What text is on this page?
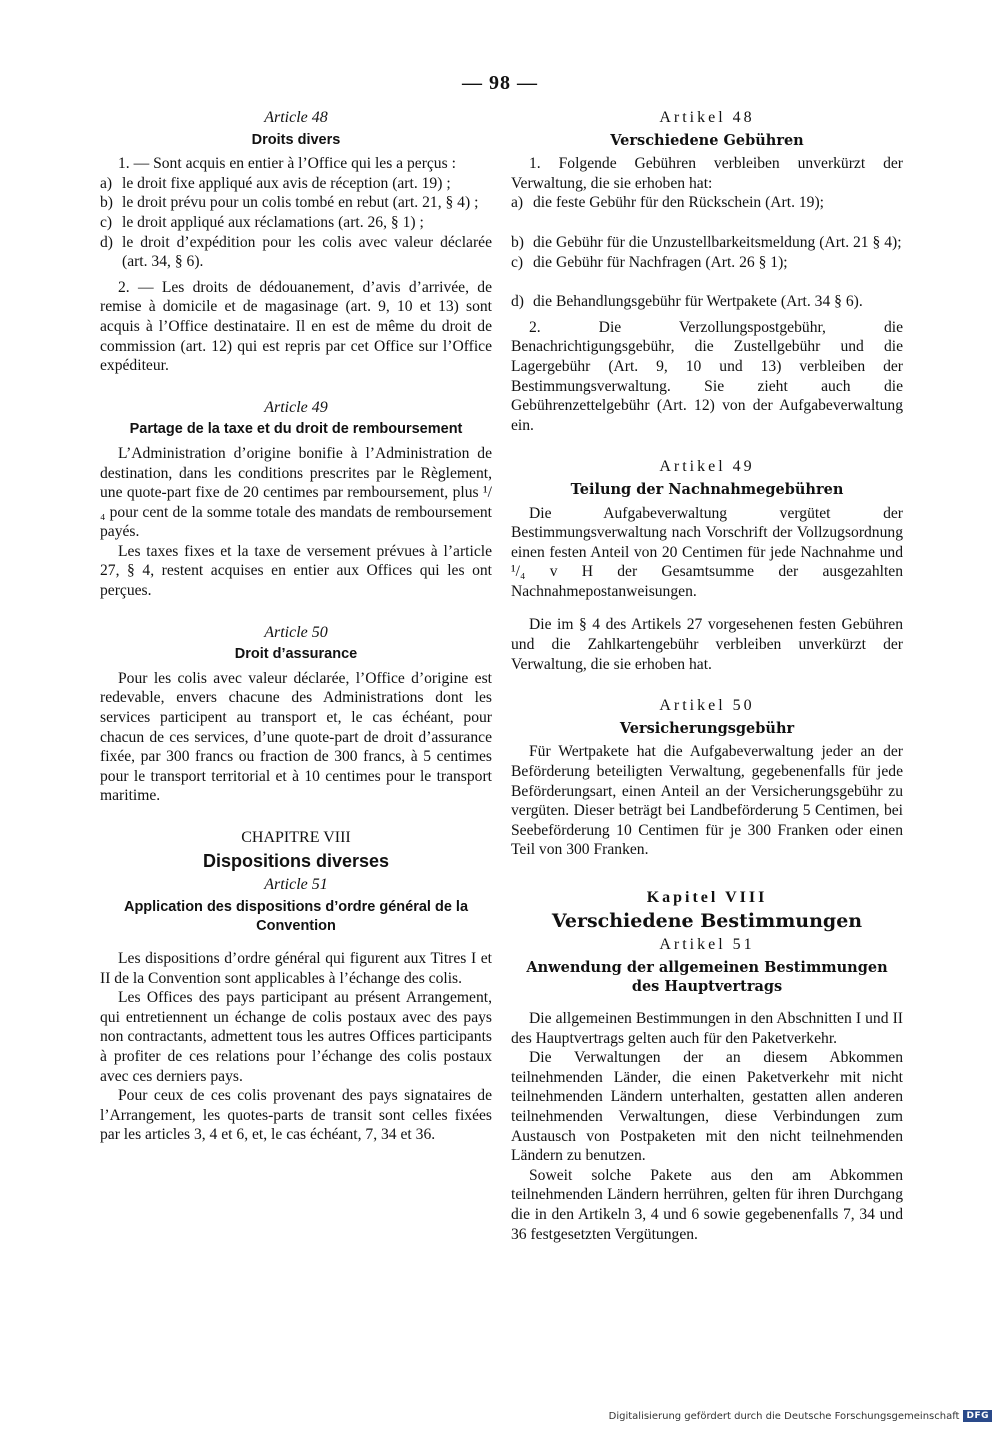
— 98 —
Article 48
Droits divers

1. — Sont acquis en entier à l’Office qui les a perçus :

a) le droit fixe appliqué aux avis de réception (art. 19) ;
b) le droit prévu pour un colis tombé en rebut (art. 21, § 4) ;
c) le droit appliqué aux réclamations (art. 26, § 1) ;
d) le droit d’expédition pour les colis avec valeur déclarée (art. 34, § 6).

2. — Les droits de dédouanement, d’avis d’arrivée, de remise à domicile et de magasinage (art. 9, 10 et 13) sont acquis à l’Office destinataire. Il en est de même du droit de commission (art. 12) qui est repris par cet Office sur l’Office expéditeur.

Article 49
Partage de la taxe et du droit de remboursement

L’Administration d’origine bonifie à l’Administration de destination, dans les conditions prescrites par le Règlement, une quote-part fixe de 20 centimes par remboursement, plus ¹/₄ pour cent de la somme totale des mandats de remboursement payés.

Les taxes fixes et la taxe de versement prévues à l’article 27, § 4, restent acquises en entier aux Offices qui les ont perçues.

Article 50
Droit d’assurance

Pour les colis avec valeur déclarée, l’Office d’origine est redevable, envers chacune des Administrations dont les services participent au transport et, le cas échéant, pour chacun de ces services, d’une quote-part de droit d’assurance fixée, par 300 francs ou fraction de 300 francs, à 5 centimes pour le transport territorial et à 10 centimes pour le transport maritime.

CHAPITRE VIII
Dispositions diverses
Article 51
Application des dispositions d’ordre général de la Convention

Les dispositions d’ordre général qui figurent aux Titres I et II de la Convention sont applicables à l’échange des colis.

Les Offices des pays participant au présent Arrangement, qui entretiennent un échange de colis postaux avec des pays non contractants, admettent tous les autres Offices participants à profiter de ces relations pour l’échange des colis postaux avec ces derniers pays.

Pour ceux de ces colis provenant des pays signataires de l’Arrangement, les quotes-parts de transit sont celles fixées par les articles 3, 4 et 6, et, le cas échéant, 7, 34 et 36.

Artikel 48
Verschiedene Gebühren

1. Folgende Gebühren verbleiben unverkürzt der Verwaltung, die sie erhoben hat:

a) die feste Gebühr für den Rückschein (Art. 19);
b) die Gebühr für die Unzustellbarkeitsmeldung (Art. 21 § 4);
c) die Gebühr für Nachfragen (Art. 26 § 1);
d) die Behandlungsgebühr für Wertpakete (Art. 34 § 6).

2. Die Verzollungspostgebühr, die Benachrichtigungsgebühr, die Zustellgebühr und die Lagergebühr (Art. 9, 10 und 13) verbleiben der Bestimmungsverwaltung. Sie zieht auch die Gebührenzettelgebühr (Art. 12) von der Aufgabeverwaltung ein.

Artikel 49
Teilung der Nachnahmegebühren

Die Aufgabeverwaltung vergütet der Bestimmungsverwaltung nach Vorschrift der Vollzugsordnung einen festen Anteil von 20 Centimen für jede Nachnahme und ¹/₄ v H der Gesamtsumme der ausgezahlten Nachnahmepostanweisungen.

Die im § 4 des Artikels 27 vorgesehenen festen Gebühren und die Zahlkartengebühr verbleiben unverkürzt der Verwaltung, die sie erhoben hat.

Artikel 50
Versicherungsgebühr

Für Wertpakete hat die Aufgabeverwaltung jeder an der Beförderung beteiligten Verwaltung, gegebenenfalls für jede Beförderungsart, einen Anteil an der Versicherungsgebühr zu vergüten. Dieser beträgt bei Landbeförderung 5 Centimen, bei Seebeförderung 10 Centimen für je 300 Franken oder einen Teil von 300 Franken.

Kapitel VIII
Verschiedene Bestimmungen
Artikel 51
Anwendung der allgemeinen Bestimmungen des Hauptvertrags

Die allgemeinen Bestimmungen in den Abschnitten I und II des Hauptvertrags gelten auch für den Paketverkehr.

Die Verwaltungen der an diesem Abkommen teilnehmenden Länder, die einen Paketverkehr mit nicht teilnehmenden Ländern unterhalten, gestatten allen anderen teilnehmenden Verwaltungen, diese Verbindungen zum Austausch von Postpaketen mit den nicht teilnehmenden Ländern zu benutzen.

Soweit solche Pakete aus den am Abkommen teilnehmenden Ländern herrühren, gelten für ihren Durchgang die in den Artikeln 3, 4 und 6 sowie gegebenenfalls 7, 34 und 36 festgesetzten Vergütungen.

Digitalisierung gefördert durch die Deutsche Forschungsgemeinschaft DFG
